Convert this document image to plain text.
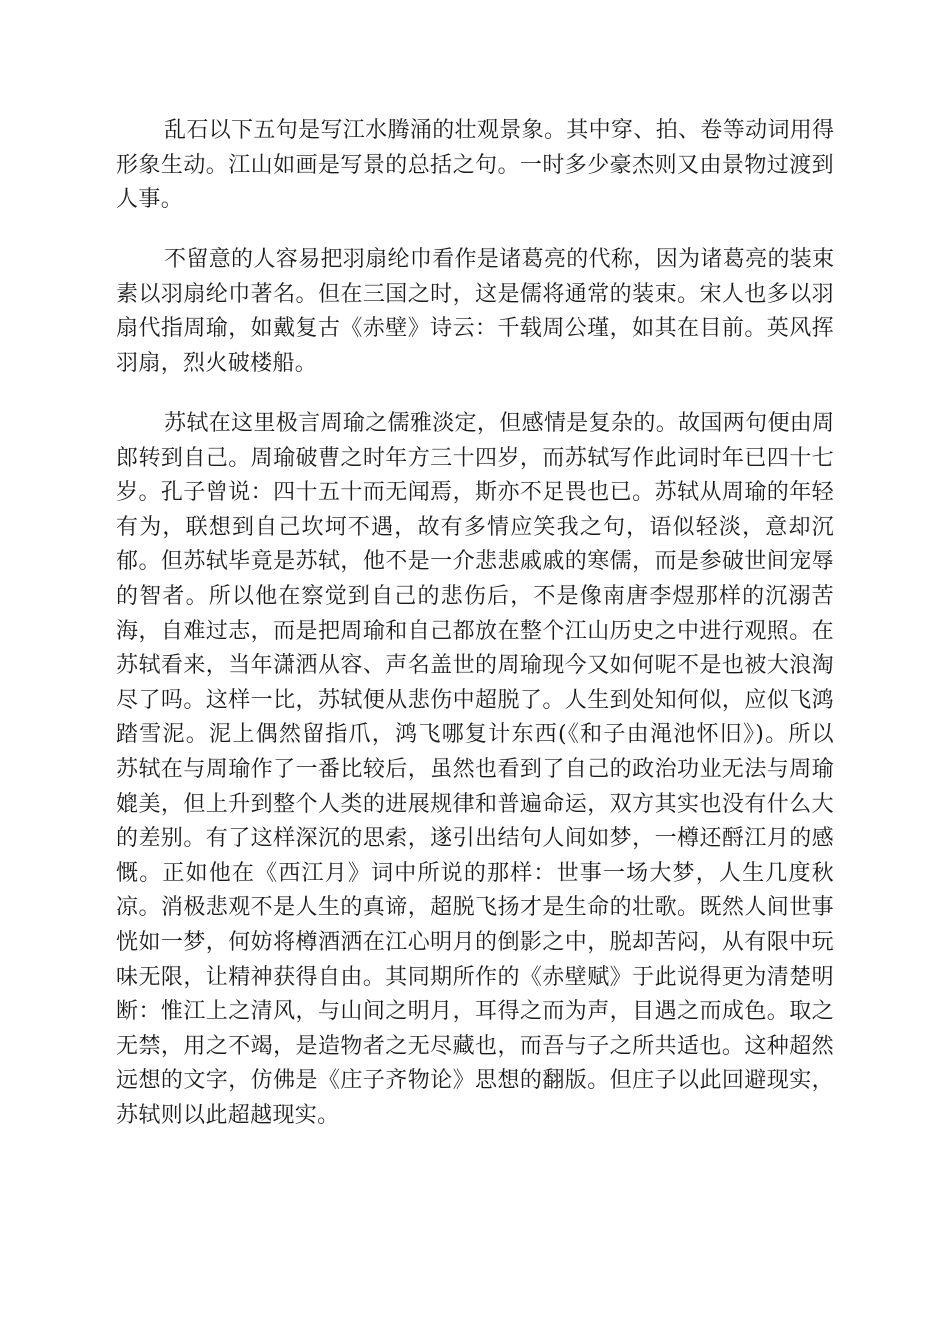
乱石以下五句是写江水腾涌的壮观景象。其中穿、拍、卷等动词用得
形象生动。江山如画是写景的总括之句。一时多少豪杰则又由景物过渡到
人事。
不留意的人容易把羽扇纶巾看作是诸葛亮的代称，因为诸葛亮的装束
素以羽扇纶巾著名。但在三国之时，这是儒将通常的装束。宋人也多以羽
扇代指周瑜，如戴复古《赤壁》诗云：千载周公瑾，如其在目前。英风挥
羽扇，烈火破楼船。
苏轼在这里极言周瑜之儒雅淡定，但感情是复杂的。故国两句便由周
郎转到自己。周瑜破曹之时年方三十四岁，而苏轼写作此词时年已四十七
岁。孔子曾说：四十五十而无闻焉，斯亦不足畏也已。苏轼从周瑜的年轻
有为，联想到自己坎坷不遇，故有多情应笑我之句，语似轻淡，意却沉
郁。但苏轼毕竟是苏轼，他不是一介悲悲戚戚的寒儒，而是参破世间宠辱
的智者。所以他在察觉到自己的悲伤后，不是像南唐李煜那样的沉溺苦
海，自难过志，而是把周瑜和自己都放在整个江山历史之中进行观照。在
苏轼看来，当年潇洒从容、声名盖世的周瑜现今又如何呢不是也被大浪淘
尽了吗。这样一比，苏轼便从悲伤中超脱了。人生到处知何似，应似飞鸿
踏雪泥。泥上偶然留指爪，鸿飞哪复计东西(《和子由渑池怀旧》)。所以
苏轼在与周瑜作了一番比较后，虽然也看到了自己的政治功业无法与周瑜
媲美，但上升到整个人类的进展规律和普遍命运，双方其实也没有什么大
的差别。有了这样深沉的思索，遂引出结句人间如梦，一樽还酹江月的感
慨。正如他在《西江月》词中所说的那样：世事一场大梦，人生几度秋
凉。消极悲观不是人生的真谛，超脱飞扬才是生命的壮歌。既然人间世事
恍如一梦，何妨将樽酒洒在江心明月的倒影之中，脱却苦闷，从有限中玩
味无限，让精神获得自由。其同期所作的《赤壁赋》于此说得更为清楚明
断：惟江上之清风，与山间之明月，耳得之而为声，目遇之而成色。取之
无禁，用之不竭，是造物者之无尽藏也，而吾与子之所共适也。这种超然
远想的文字，仿佛是《庄子齐物论》思想的翻版。但庄子以此回避现实，
苏轼则以此超越现实。
